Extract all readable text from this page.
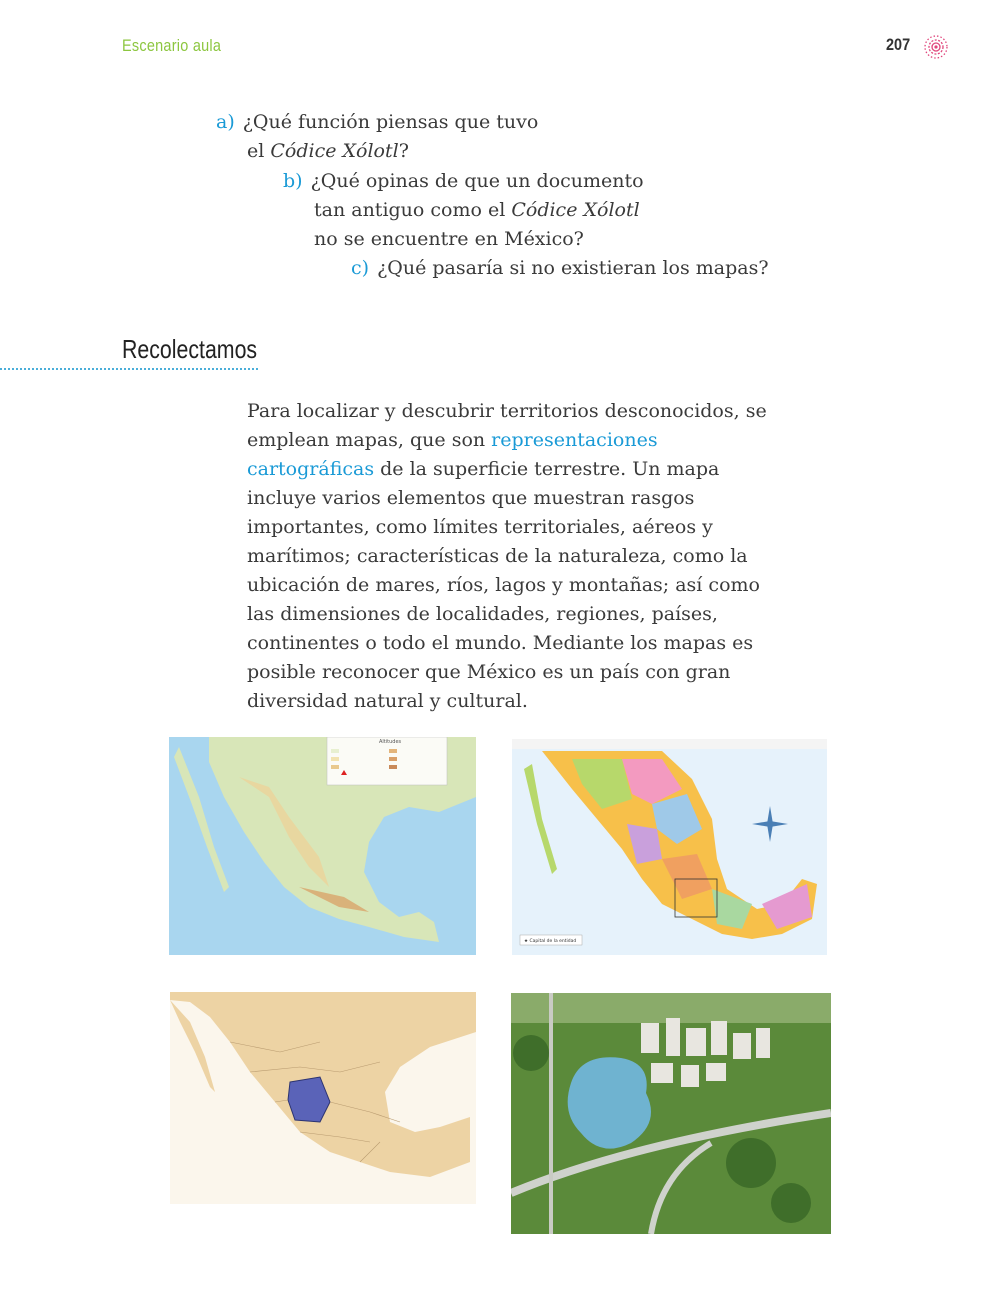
Escenario aula	207
a) ¿Qué función piensas que tuvo
el Códice Xólotl?
b) ¿Qué opinas de que un documento
tan antiguo como el Códice Xólotl
no se encuentre en México?
c) ¿Qué pasaría si no existieran los mapas?
Recolectamos
Para localizar y descubrir territorios desconocidos, se emplean mapas, que son representaciones cartográficas de la superficie terrestre. Un mapa incluye varios elementos que muestran rasgos importantes, como límites territoriales, aéreos y marítimos; características de la naturaleza, como la ubicación de mares, ríos, lagos y montañas; así como las dimensiones de localidades, regiones, países, continentes o todo el mundo. Mediante los mapas es posible reconocer que México es un país con gran diversidad natural y cultural.
Altitudes
★ Capital de la entidad
